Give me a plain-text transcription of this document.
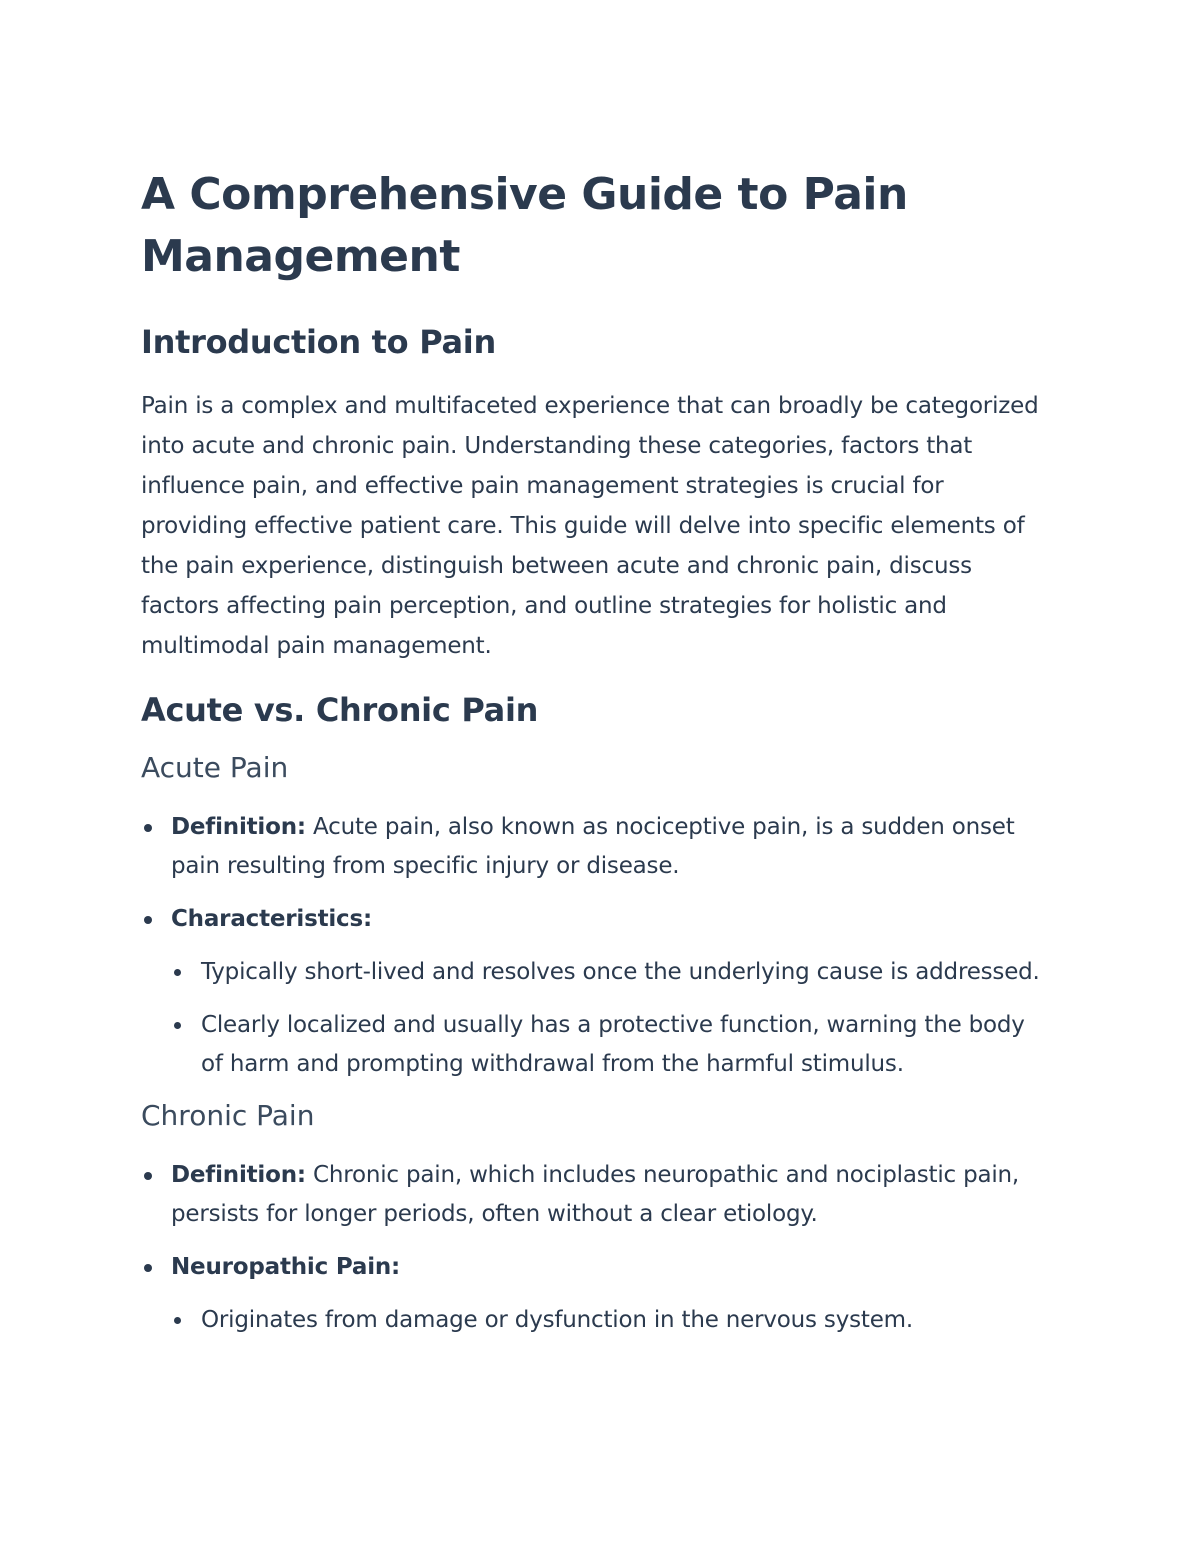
A Comprehensive Guide to Pain Management
Introduction to Pain

Pain is a complex and multifaceted experience that can broadly be categorized into acute and chronic pain. Understanding these categories, factors that influence pain, and effective pain management strategies is crucial for providing effective patient care. This guide will delve into specific elements of the pain experience, distinguish between acute and chronic pain, discuss factors affecting pain perception, and outline strategies for holistic and multimodal pain management.

Acute vs. Chronic Pain
Acute Pain
Definition: Acute pain, also known as nociceptive pain, is a sudden onset pain resulting from specific injury or disease.
Characteristics:
Typically short-lived and resolves once the underlying cause is addressed.
Clearly localized and usually has a protective function, warning the body of harm and prompting withdrawal from the harmful stimulus.
Chronic Pain
Definition: Chronic pain, which includes neuropathic and nociplastic pain, persists for longer periods, often without a clear etiology.
Neuropathic Pain:
Originates from damage or dysfunction in the nervous system.
